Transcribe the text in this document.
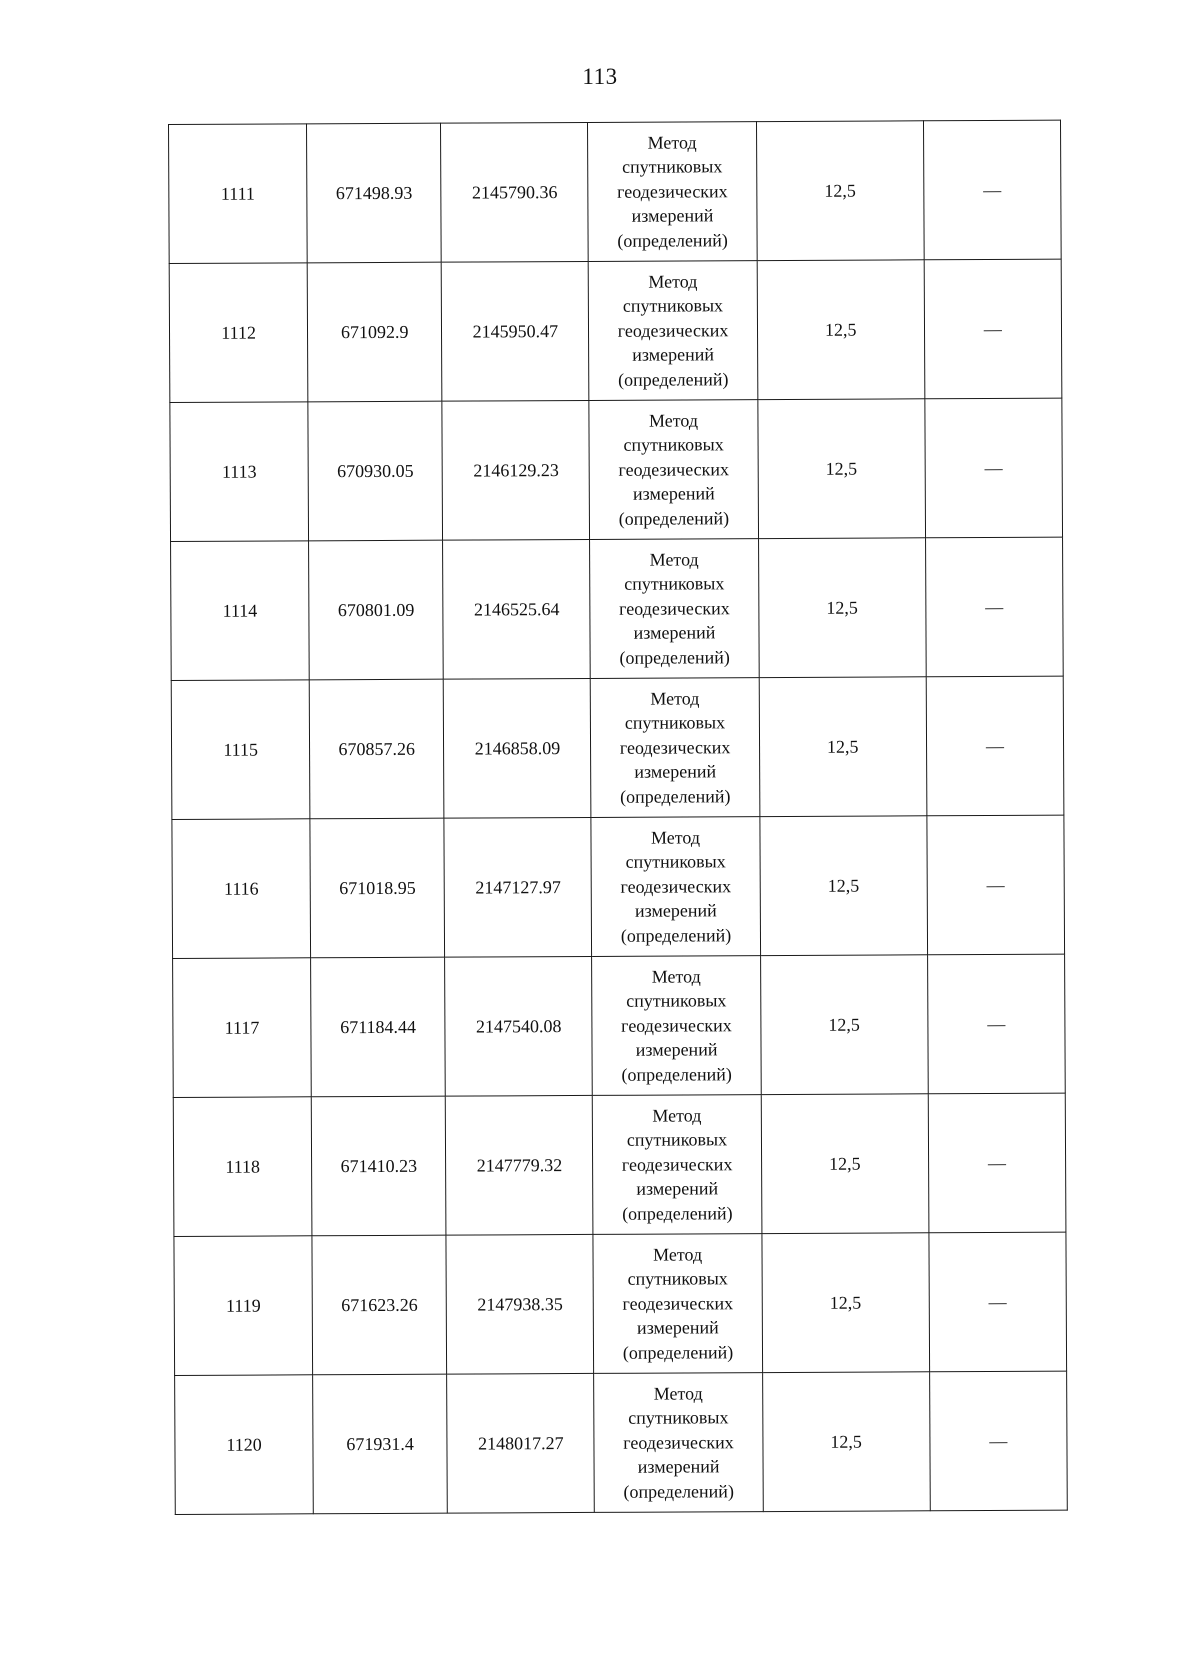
113
1111	671498.93	2145790.36	Метод
спутниковых
геодезических
измерений
(определений)	12,5	—
1112	671092.9	2145950.47	Метод
спутниковых
геодезических
измерений
(определений)	12,5	—
1113	670930.05	2146129.23	Метод
спутниковых
геодезических
измерений
(определений)	12,5	—
1114	670801.09	2146525.64	Метод
спутниковых
геодезических
измерений
(определений)	12,5	—
1115	670857.26	2146858.09	Метод
спутниковых
геодезических
измерений
(определений)	12,5	—
1116	671018.95	2147127.97	Метод
спутниковых
геодезических
измерений
(определений)	12,5	—
1117	671184.44	2147540.08	Метод
спутниковых
геодезических
измерений
(определений)	12,5	—
1118	671410.23	2147779.32	Метод
спутниковых
геодезических
измерений
(определений)	12,5	—
1119	671623.26	2147938.35	Метод
спутниковых
геодезических
измерений
(определений)	12,5	—
1120	671931.4	2148017.27	Метод
спутниковых
геодезических
измерений
(определений)	12,5	—
